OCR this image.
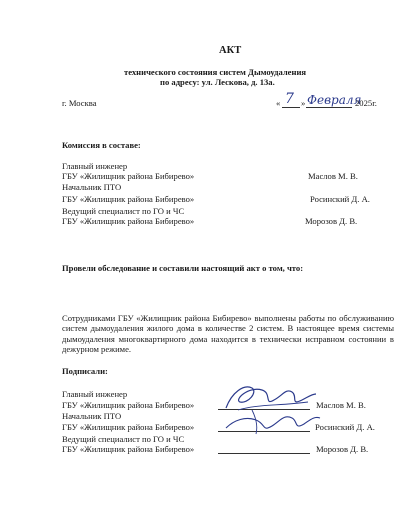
АКТ
технического состояния систем Дымоудаления
по адресу: ул. Лескова, д. 13а.
г. Москва	« 7 » Февраля
2025г.
Комиссия в составе:
Главный инженер
ГБУ «Жилищник района Бибирево»	Маслов М. В.
Начальник ПТО
ГБУ «Жилищник района Бибирево»	Росинский Д. А.
Ведущий специалист по ГО и ЧС
ГБУ «Жилищник района Бибирево»	Морозов Д. В.
Провели обследование и составили настоящий акт о том, что:
Сотрудниками ГБУ «Жилищник района Бибирево» выполнены работы по обслуживанию систем дымоудаления жилого дома в количестве 2 систем. В настоящее время системы дымоудаления многоквартирного дома находится в технически исправном состоянии в дежурном режиме.
Подписали:
Главный инженер
ГБУ «Жилищник района Бибирево»	Маслов М. В.
Начальник ПТО
ГБУ «Жилищник района Бибирево»	Росинский Д. А.
Ведущий специалист по ГО и ЧС
ГБУ «Жилищник района Бибирево»	Морозов Д. В.
